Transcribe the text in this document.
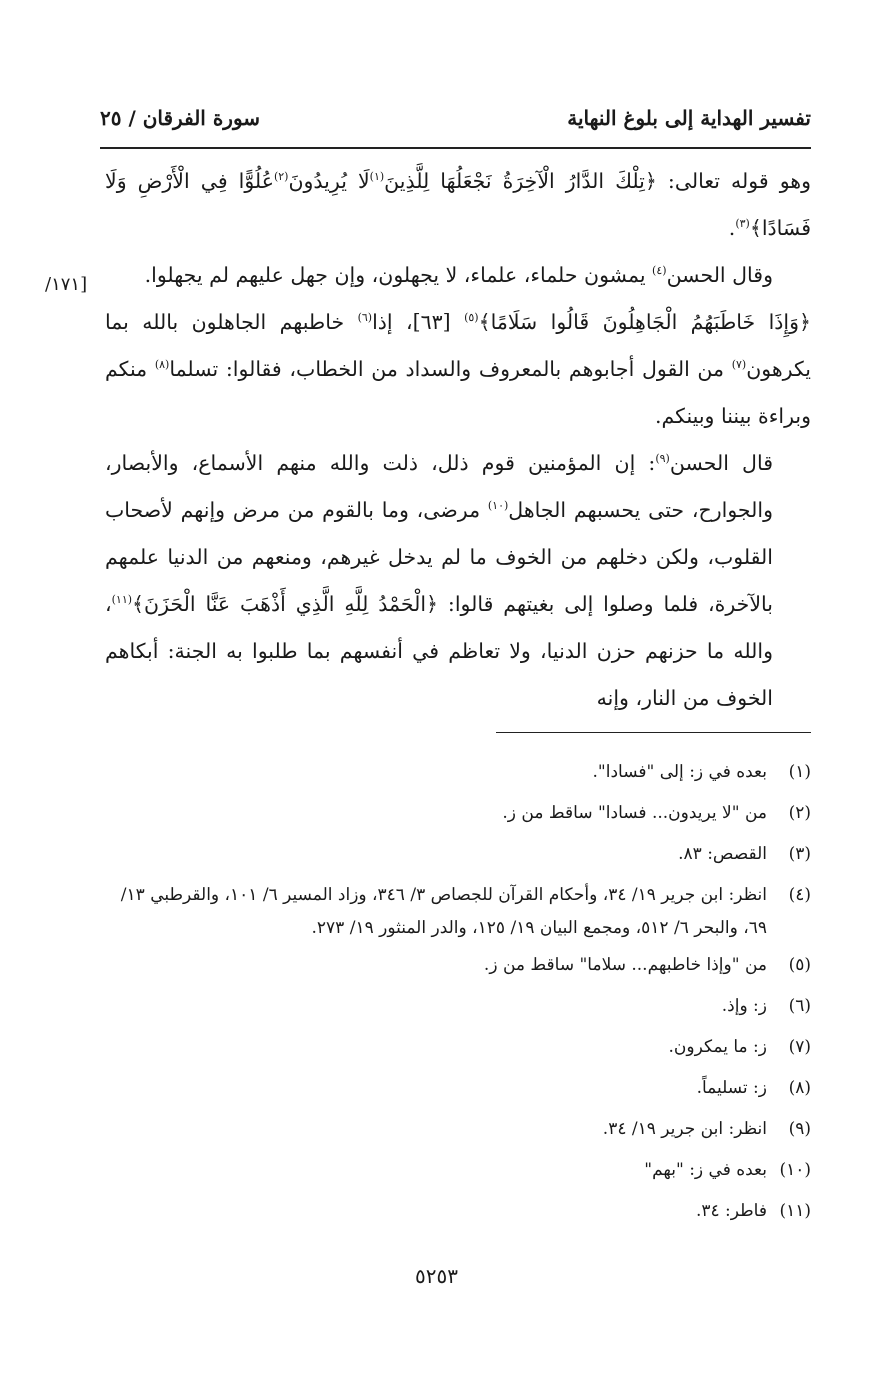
تفسير الهداية إلى بلوغ النهاية
سورة الفرقان / ٢٥
[١٧١/

وهو قوله تعالى: ﴿تِلْكَ الدَّارُ الْآخِرَةُ نَجْعَلُهَا لِلَّذِينَ$^{(١)}$لَا يُرِيدُونَ$^{(٢)}$عُلُوًّا فِي الْأَرْضِ وَلَا فَسَادًا﴾$^{(٣)}$.

وقال الحسن$^{(٤)}$ يمشون حلماء، علماء، لا يجهلون، وإن جهل عليهم لم يجهلوا.

﴿وَإِذَا خَاطَبَهُمُ الْجَاهِلُونَ قَالُوا سَلَامًا﴾$^{(٥)}$ [٦٣]، إذا$^{(٦)}$ خاطبهم الجاهلون بالله بما يكرهون$^{(٧)}$ من القول أجابوهم بالمعروف والسداد من الخطاب، فقالوا: تسلما$^{(٨)}$ منكم وبراءة بيننا وبينكم.

قال الحسن$^{(٩)}$: إن المؤمنين قوم ذلل، ذلت والله منهم الأسماع، والأبصار، والجوارح، حتى يحسبهم الجاهل$^{(١٠)}$ مرضى، وما بالقوم من مرض وإنهم لأصحاب القلوب، ولكن دخلهم من الخوف ما لم يدخل غيرهم، ومنعهم من الدنيا علمهم بالآخرة، فلما وصلوا إلى بغيتهم قالوا: ﴿الْحَمْدُ لِلَّهِ الَّذِي أَذْهَبَ عَنَّا الْحَزَنَ﴾$^{(١١)}$، والله ما حزنهم حزن الدنيا، ولا تعاظم في أنفسهم بما طلبوا به الجنة: أبكاهم الخوف من النار، وإنه

(١)
بعده في ز: إلى "فسادا".
(٢)
من "لا يريدون... فسادا" ساقط من ز.
(٣)
القصص: ٨٣.
(٤)
انظر: ابن جرير ١٩/ ٣٤، وأحكام القرآن للجصاص ٣/ ٣٤٦، وزاد المسير ٦/ ١٠١، والقرطبي ١٣/ ٦٩، والبحر ٦/ ٥١٢، ومجمع البيان ١٩/ ١٢٥، والدر المنثور ١٩/ ٢٧٣.
(٥)
من "وإذا خاطبهم... سلاما" ساقط من ز.
(٦)
ز: وإذ.
(٧)
ز: ما يمكرون.
(٨)
ز: تسليماً.
(٩)
انظر: ابن جرير ١٩/ ٣٤.
(١٠)
بعده في ز: "بهم"
(١١)
فاطر: ٣٤.
٥٢٥٣
